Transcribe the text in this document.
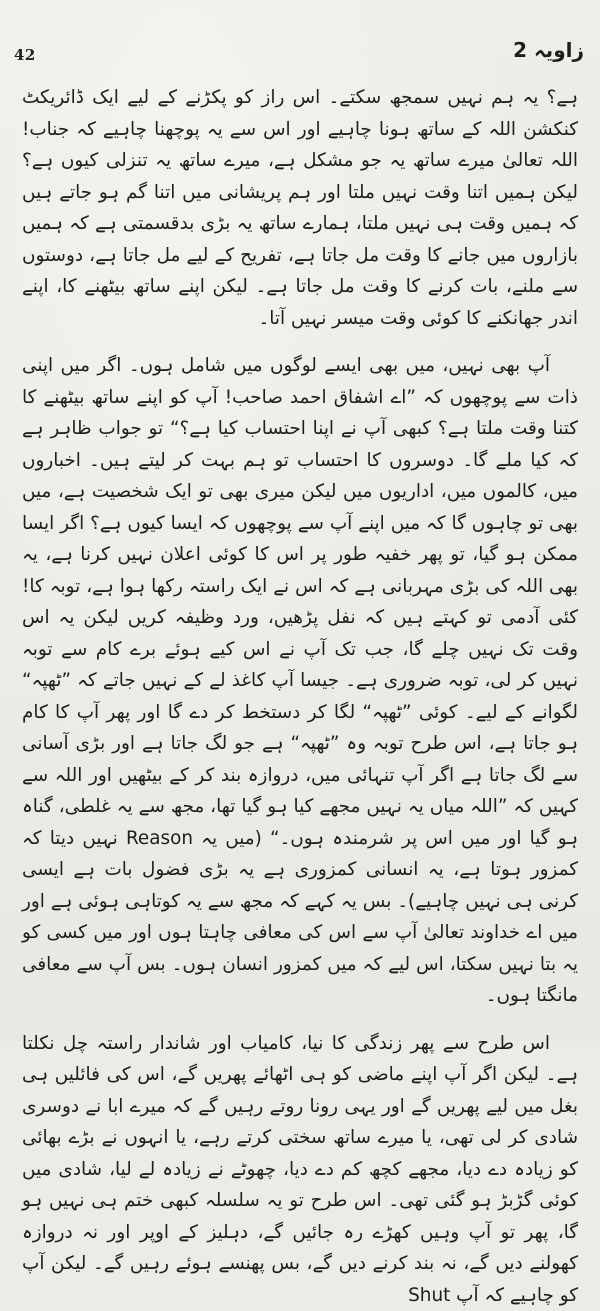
42	زاویہ 2

ہے؟ یہ ہم نہیں سمجھ سکتے۔ اس راز کو پکڑنے کے لیے ایک ڈائریکٹ کنکشن اللہ کے ساتھ ہونا چاہیے اور اس سے یہ پوچھنا چاہیے کہ جناب! اللہ تعالیٰ میرے ساتھ یہ جو مشکل ہے، میرے ساتھ یہ تنزلی کیوں ہے؟ لیکن ہمیں اتنا وقت نہیں ملتا اور ہم پریشانی میں اتنا گم ہو جاتے ہیں کہ ہمیں وقت ہی نہیں ملتا، ہمارے ساتھ یہ بڑی بدقسمتی ہے کہ ہمیں بازاروں میں جانے کا وقت مل جاتا ہے، تفریح کے لیے مل جاتا ہے، دوستوں سے ملنے، بات کرنے کا وقت مل جاتا ہے۔ لیکن اپنے ساتھ بیٹھنے کا، اپنے اندر جھانکنے کا کوئی وقت میسر نہیں آتا۔

آپ بھی نہیں، میں بھی ایسے لوگوں میں شامل ہوں۔ اگر میں اپنی ذات سے پوچھوں کہ ”اے اشفاق احمد صاحب! آپ کو اپنے ساتھ بیٹھنے کا کتنا وقت ملتا ہے؟ کبھی آپ نے اپنا احتساب کیا ہے؟“ تو جواب ظاہر ہے کہ کیا ملے گا۔ دوسروں کا احتساب تو ہم بہت کر لیتے ہیں۔ اخباروں میں، کالموں میں، اداریوں میں لیکن میری بھی تو ایک شخصیت ہے، میں بھی تو چاہوں گا کہ میں اپنے آپ سے پوچھوں کہ ایسا کیوں ہے؟ اگر ایسا ممکن ہو گیا، تو پھر خفیہ طور پر اس کا کوئی اعلان نہیں کرنا ہے، یہ بھی اللہ کی بڑی مہربانی ہے کہ اس نے ایک راستہ رکھا ہوا ہے، توبہ کا! کئی آدمی تو کہتے ہیں کہ نفل پڑھیں، ورد وظیفہ کریں لیکن یہ اس وقت تک نہیں چلے گا، جب تک آپ نے اس کیے ہوئے برے کام سے توبہ نہیں کر لی، توبہ ضروری ہے۔ جیسا آپ کاغذ لے کے نہیں جاتے کہ ”ٹھپہ“ لگوانے کے لیے۔ کوئی ”ٹھپہ“ لگا کر دستخط کر دے گا اور پھر آپ کا کام ہو جاتا ہے، اس طرح توبہ وہ ”ٹھپہ“ ہے جو لگ جاتا ہے اور بڑی آسانی سے لگ جاتا ہے اگر آپ تنہائی میں، دروازہ بند کر کے بیٹھیں اور اللہ سے کہیں کہ ”اللہ میاں یہ نہیں مجھے کیا ہو گیا تھا، مجھ سے یہ غلطی، گناہ ہو گیا اور میں اس پر شرمندہ ہوں۔“ (میں یہ Reason نہیں دیتا کہ کمزور ہوتا ہے، یہ انسانی کمزوری ہے یہ بڑی فضول بات ہے ایسی کرنی ہی نہیں چاہیے)۔ بس یہ کہے کہ مجھ سے یہ کوتاہی ہوئی ہے اور میں اے خداوند تعالیٰ آپ سے اس کی معافی چاہتا ہوں اور میں کسی کو یہ بتا نہیں سکتا، اس لیے کہ میں کمزور انسان ہوں۔ بس آپ سے معافی مانگتا ہوں۔

اس طرح سے پھر زندگی کا نیا، کامیاب اور شاندار راستہ چل نکلتا ہے۔ لیکن اگر آپ اپنے ماضی کو ہی اٹھائے پھریں گے، اس کی فائلیں ہی بغل میں لیے پھریں گے اور یہی رونا روتے رہیں گے کہ میرے ابا نے دوسری شادی کر لی تھی، یا میرے ساتھ سختی کرتے رہے، یا انہوں نے بڑے بھائی کو زیادہ دے دیا، مجھے کچھ کم دے دیا، چھوٹے نے زیادہ لے لیا، شادی میں کوئی گڑبڑ ہو گئی تھی۔ اس طرح تو یہ سلسلہ کبھی ختم ہی نہیں ہو گا، پھر تو آپ وہیں کھڑے رہ جائیں گے، دہلیز کے اوپر اور نہ دروازہ کھولنے دیں گے، نہ بند کرنے دیں گے، بس پھنسے ہوئے رہیں گے۔ لیکن آپ کو چاہیے کہ آپ Shut
